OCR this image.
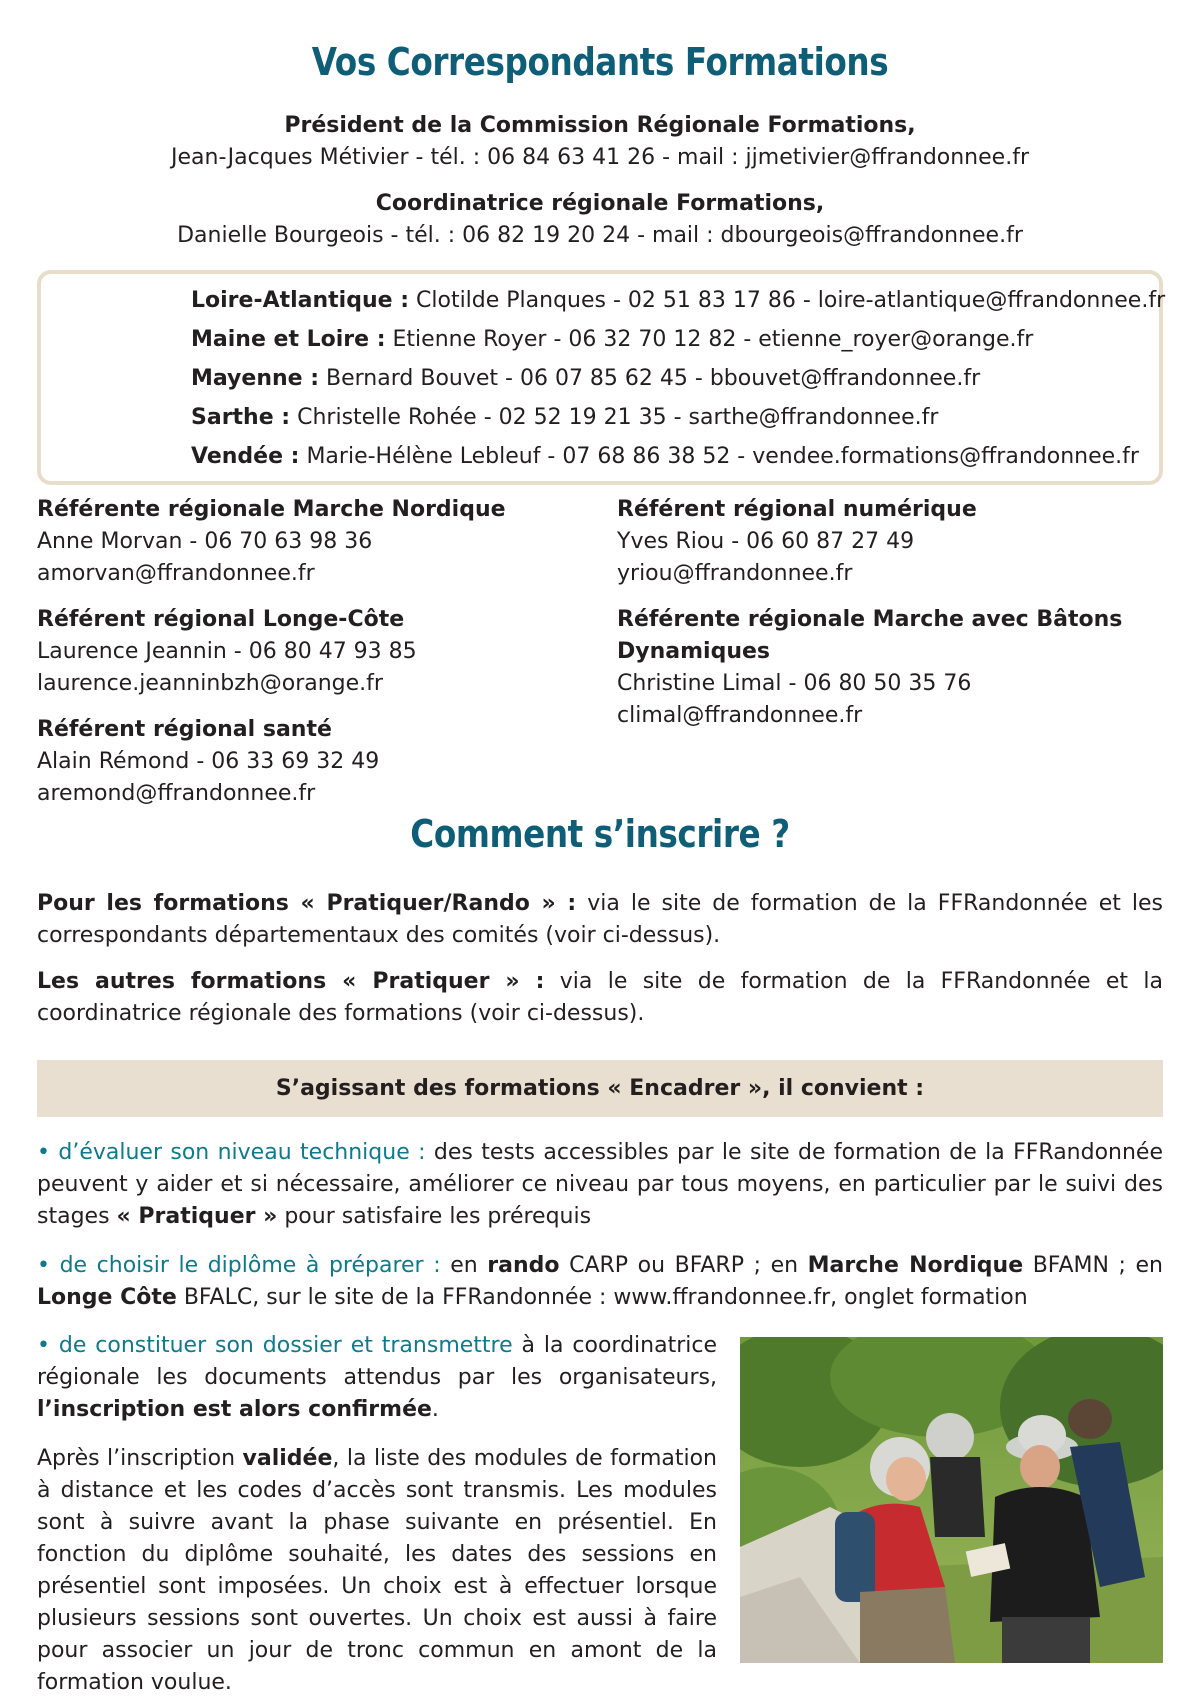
Vos Correspondants Formations
Président de la Commission Régionale Formations,
Jean-Jacques Métivier - tél. : 06 84 63 41 26 - mail : jjmetivier@ffrandonnee.fr
Coordinatrice régionale Formations,
Danielle Bourgeois - tél. : 06 82 19 20 24 - mail : dbourgeois@ffrandonnee.fr
Loire-Atlantique : Clotilde Planques - 02 51 83 17 86 - loire-atlantique@ffrandonnee.fr
Maine et Loire : Etienne Royer - 06 32 70 12 82 - etienne_royer@orange.fr
Mayenne : Bernard Bouvet - 06 07 85 62 45 - bbouvet@ffrandonnee.fr
Sarthe : Christelle Rohée - 02 52 19 21 35 - sarthe@ffrandonnee.fr
Vendée : Marie-Hélène Lebleuf - 07 68 86 38 52 - vendee.formations@ffrandonnee.fr
Référente régionale Marche Nordique
Anne Morvan - 06 70 63 98 36
amorvan@ffrandonnee.fr
Référent régional Longe-Côte
Laurence Jeannin - 06 80 47 93 85
laurence.jeanninbzh@orange.fr
Référent régional santé
Alain Rémond - 06 33 69 32 49
aremond@ffrandonnee.fr
Référent régional numérique
Yves Riou - 06 60 87 27 49
yriou@ffrandonnee.fr
Référente régionale Marche avec Bâtons
Dynamiques
Christine Limal - 06 80 50 35 76
climal@ffrandonnee.fr
Comment s’inscrire ?
Pour les formations « Pratiquer/Rando » : via le site de formation de la FFRandonnée et les correspondants départementaux des comités (voir ci-dessus).
Les autres formations « Pratiquer » : via le site de formation de la FFRandonnée et la coordinatrice régionale des formations (voir ci-dessus).
S’agissant des formations « Encadrer », il convient :
• d’évaluer son niveau technique : des tests accessibles par le site de formation de la FFRandonnée peuvent y aider et si nécessaire, améliorer ce niveau par tous moyens, en particulier par le suivi des stages « Pratiquer » pour satisfaire les prérequis
• de choisir le diplôme à préparer : en rando CARP ou BFARP ; en Marche Nordique BFAMN ; en Longe Côte BFALC, sur le site de la FFRandonnée : www.ffrandonnee.fr, onglet formation
• de constituer son dossier et transmettre à la coordinatrice régionale les documents attendus par les organisateurs, l’inscription est alors confirmée.
Après l’inscription validée, la liste des modules de formation à distance et les codes d’accès sont transmis. Les modules sont à suivre avant la phase suivante en présentiel. En fonction du diplôme souhaité, les dates des sessions en présentiel sont imposées. Un choix est à effectuer lorsque plusieurs sessions sont ouvertes. Un choix est aussi à faire pour associer un jour de tronc commun en amont de la formation voulue.
